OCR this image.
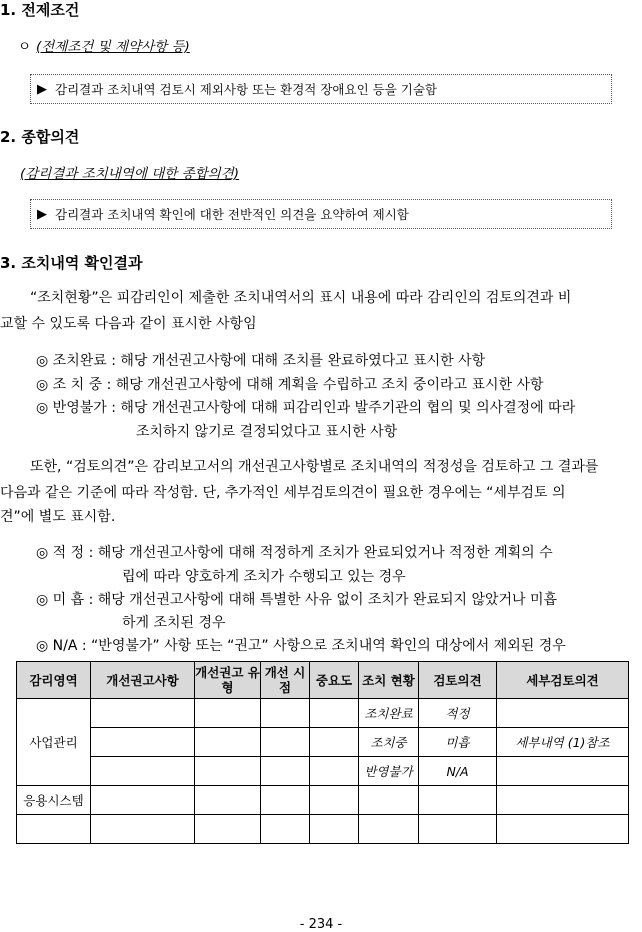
1. 전제조건
ㅇ (전제조건 및 제약사항 등)
▶ 감리결과 조치내역 검토시 제외사항 또는 환경적 장애요인 등을 기술함
2. 종합의견
(감리결과 조치내역에 대한 종합의견)
▶ 감리결과 조치내역 확인에 대한 전반적인 의견을 요약하여 제시함
3. 조치내역 확인결과
“조치현황”은 피감리인이 제출한 조치내역서의 표시 내용에 따라 감리인의 검토의견과 비
교할 수 있도록 다음과 같이 표시한 사항임
◎ 조치완료 : 해당 개선권고사항에 대해 조치를 완료하였다고 표시한 사항
◎ 조 치 중 : 해당 개선권고사항에 대해 계획을 수립하고 조치 중이라고 표시한 사항
◎ 반영불가 : 해당 개선권고사항에 대해 피감리인과 발주기관의 협의 및 의사결정에 따라
조치하지 않기로 결정되었다고 표시한 사항
또한, “검토의견”은 감리보고서의 개선권고사항별로 조치내역의 적정성을 검토하고 그 결과를
다음과 같은 기준에 따라 작성함. 단, 추가적인 세부검토의견이 필요한 경우에는 “세부검토 의
견”에 별도 표시함.
◎ 적 정 : 해당 개선권고사항에 대해 적정하게 조치가 완료되었거나 적정한 계획의 수
립에 따라 양호하게 조치가 수행되고 있는 경우
◎ 미 흡 : 해당 개선권고사항에 대해 특별한 사유 없이 조치가 완료되지 않았거나 미흡
하게 조치된 경우
◎ N/A : “반영불가” 사항 또는 “권고” 사항으로 조치내역 확인의 대상에서 제외된 경우
감리영역	개선권고사항	개선권고 유형	개선 시점	중요도	조치 현황	검토의견	세부검토의견
사업관리					조치완료	적정	
					조치중	미흡	세부내역 (1)참조
					반영불가	N/A	
응용시스템							

- 234 -
